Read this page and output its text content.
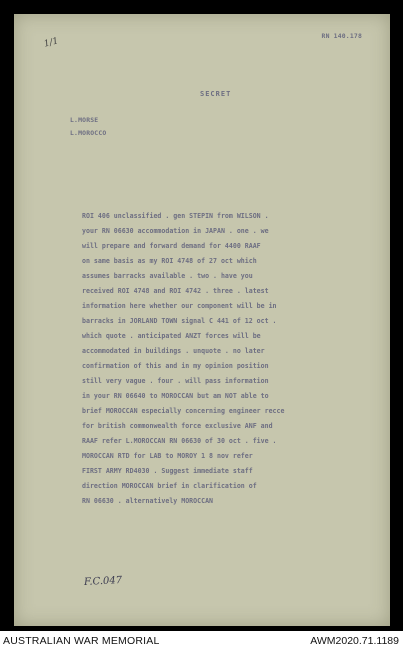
1/1
RN 140.178
SECRET
L.MORSE
L.MOROCCO
ROI 406 unclassified . gen STEPIN from WILSON .
your RN 06630 accommodation in JAPAN . one . we
will prepare and forward demand for 4400 RAAF
on same basis as my ROI 4748 of 27 oct which
assumes barracks available . two . have you
received ROI 4748 and ROI 4742 . three . latest
information here whether our component will be in
barracks in JORLAND TOWN signal C 441 of 12 oct .
which quote . anticipated ANZT forces will be
accommodated in buildings . unquote . no later
confirmation of this and in my opinion position
still very vague . four . will pass information
in your RN 06640 to MOROCCAN but am NOT able to
brief MOROCCAN especially concerning engineer recce
for british commonwealth force exclusive ANF and
RAAF refer L.MOROCCAN RN 06630 of 30 oct . five .
MOROCCAN RTD for LAB to MOROY 1 8 nov refer
FIRST ARMY RD4030 . Suggest immediate staff
direction MOROCCAN brief in clarification of
RN 06630 . alternatively MOROCCAN
F.C.047
AUSTRALIAN WAR MEMORIAL	AWM2020.71.1189
